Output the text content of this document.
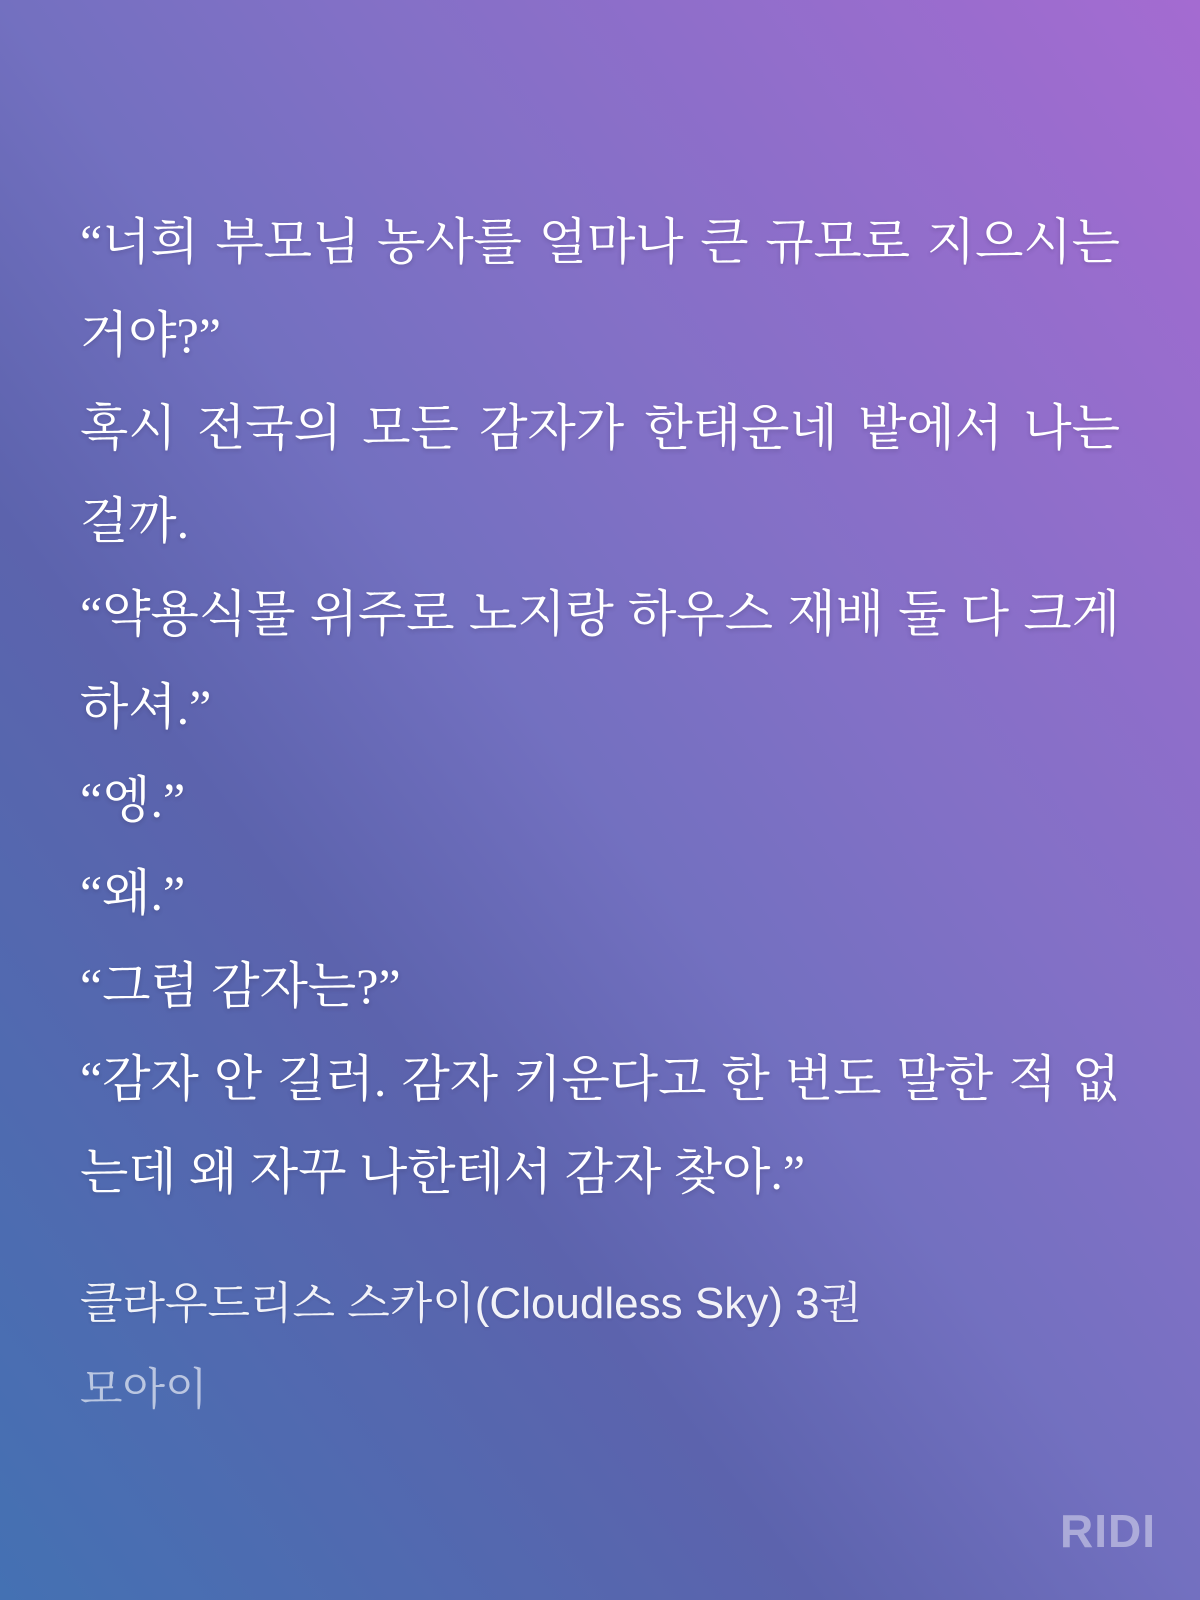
“너희 부모님 농사를 얼마나 큰 규모로 지으시는 거야?”

혹시 전국의 모든 감자가 한태운네 밭에서 나는 걸까.

“약용식물 위주로 노지랑 하우스 재배 둘 다 크게 하셔.”

“엥.”

“왜.”

“그럼 감자는?”

“감자 안 길러. 감자 키운다고 한 번도 말한 적 없는데 왜 자꾸 나한테서 감자 찾아.”

클라우드리스 스카이(Cloudless Sky) 3권

모아이

RIDI
